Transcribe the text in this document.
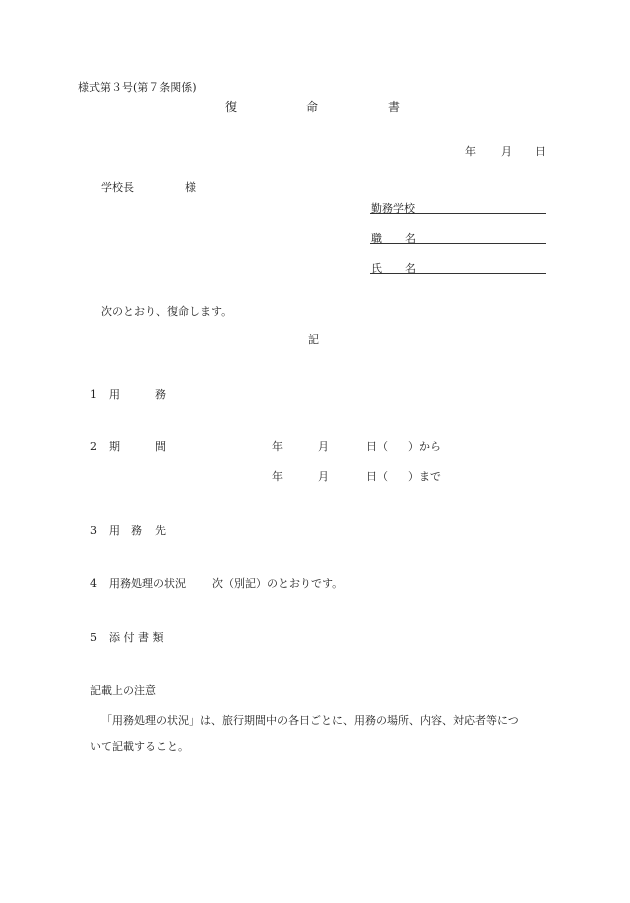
様式第３号(第７条関係)
復	命	書
年 月 日
学校長	様
勤務学校
職 名
氏 名
次のとおり、復命します。
記
1 用	務
2 期	間	年	月	日（ ）から
年	月	日（ ）まで
3 用 務 先
4 用務処理の状況 次（別記）のとおりです。
5 添 付 書 類
記載上の注意
「用務処理の状況」は、旅行期間中の各日ごとに、用務の場所、内容、対応者等につ
いて記載すること。
